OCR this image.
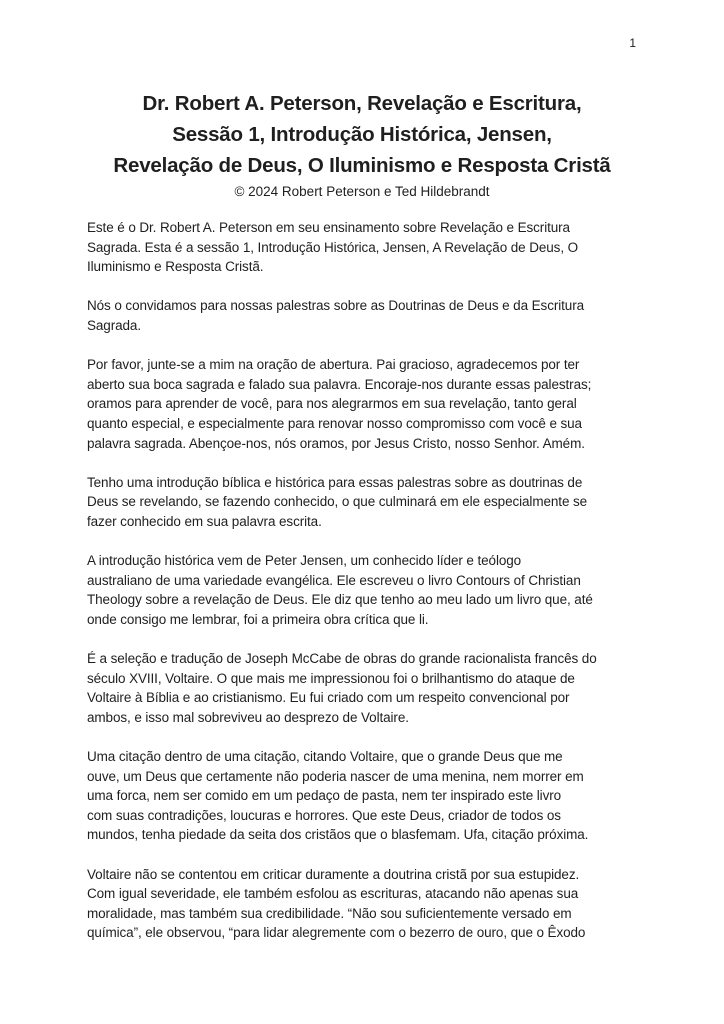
1
Dr. Robert A. Peterson, Revelação e Escritura,
Sessão 1, Introdução Histórica, Jensen,
Revelação de Deus, O Iluminismo e Resposta Cristã
© 2024 Robert Peterson e Ted Hildebrandt

Este é o Dr. Robert A. Peterson em seu ensinamento sobre Revelação e Escritura
Sagrada. Esta é a sessão 1, Introdução Histórica, Jensen, A Revelação de Deus, O
Iluminismo e Resposta Cristã.

Nós o convidamos para nossas palestras sobre as Doutrinas de Deus e da Escritura
Sagrada.

Por favor, junte-se a mim na oração de abertura. Pai gracioso, agradecemos por ter
aberto sua boca sagrada e falado sua palavra. Encoraje-nos durante essas palestras;
oramos para aprender de você, para nos alegrarmos em sua revelação, tanto geral
quanto especial, e especialmente para renovar nosso compromisso com você e sua
palavra sagrada. Abençoe-nos, nós oramos, por Jesus Cristo, nosso Senhor. Amém.

Tenho uma introdução bíblica e histórica para essas palestras sobre as doutrinas de
Deus se revelando, se fazendo conhecido, o que culminará em ele especialmente se
fazer conhecido em sua palavra escrita.

A introdução histórica vem de Peter Jensen, um conhecido líder e teólogo
australiano de uma variedade evangélica. Ele escreveu o livro Contours of Christian
Theology sobre a revelação de Deus. Ele diz que tenho ao meu lado um livro que, até
onde consigo me lembrar, foi a primeira obra crítica que li.

É a seleção e tradução de Joseph McCabe de obras do grande racionalista francês do
século XVIII, Voltaire. O que mais me impressionou foi o brilhantismo do ataque de
Voltaire à Bíblia e ao cristianismo. Eu fui criado com um respeito convencional por
ambos, e isso mal sobreviveu ao desprezo de Voltaire.

Uma citação dentro de uma citação, citando Voltaire, que o grande Deus que me
ouve, um Deus que certamente não poderia nascer de uma menina, nem morrer em
uma forca, nem ser comido em um pedaço de pasta, nem ter inspirado este livro
com suas contradições, loucuras e horrores. Que este Deus, criador de todos os
mundos, tenha piedade da seita dos cristãos que o blasfemam. Ufa, citação próxima.

Voltaire não se contentou em criticar duramente a doutrina cristã por sua estupidez.
Com igual severidade, ele também esfolou as escrituras, atacando não apenas sua
moralidade, mas também sua credibilidade. “Não sou suficientemente versado em
química”, ele observou, “para lidar alegremente com o bezerro de ouro, que o Êxodo
